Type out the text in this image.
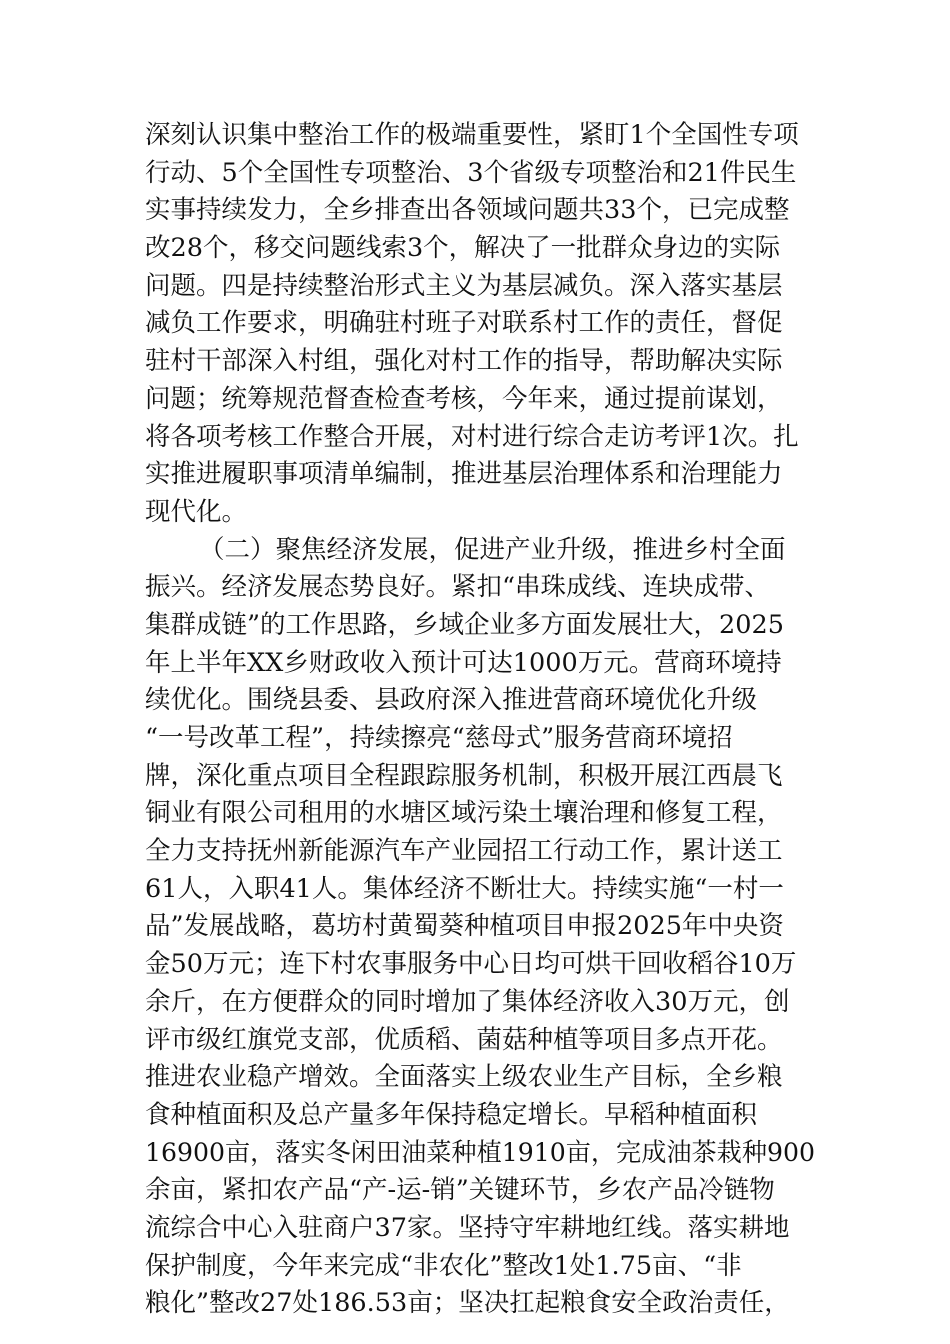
深刻认识集中整治工作的极端重要性，紧盯1个全国性专项
行动、5个全国性专项整治、3个省级专项整治和21件民生
实事持续发力，全乡排查出各领域问题共33个，已完成整
改28个，移交问题线索3个，解决了一批群众身边的实际
问题。四是持续整治形式主义为基层减负。深入落实基层
减负工作要求，明确驻村班子对联系村工作的责任，督促
驻村干部深入村组，强化对村工作的指导，帮助解决实际
问题；统筹规范督查检查考核，今年来，通过提前谋划，
将各项考核工作整合开展，对村进行综合走访考评1次。扎
实推进履职事项清单编制，推进基层治理体系和治理能力
现代化。
（二）聚焦经济发展，促进产业升级，推进乡村全面
振兴。经济发展态势良好。紧扣“串珠成线、连块成带、
集群成链”的工作思路，乡域企业多方面发展壮大，2025
年上半年XX乡财政收入预计可达1000万元。营商环境持
续优化。围绕县委、县政府深入推进营商环境优化升级
“一号改革工程”，持续擦亮“慈母式”服务营商环境招
牌，深化重点项目全程跟踪服务机制，积极开展江西晨飞
铜业有限公司租用的水塘区域污染土壤治理和修复工程，
全力支持抚州新能源汽车产业园招工行动工作，累计送工
61人，入职41人。集体经济不断壮大。持续实施“一村一
品”发展战略，葛坊村黄蜀葵种植项目申报2025年中央资
金50万元；连下村农事服务中心日均可烘干回收稻谷10万
余斤，在方便群众的同时增加了集体经济收入30万元，创
评市级红旗党支部，优质稻、菌菇种植等项目多点开花。
推进农业稳产增效。全面落实上级农业生产目标，全乡粮
食种植面积及总产量多年保持稳定增长。早稻种植面积
16900亩，落实冬闲田油菜种植1910亩，完成油茶栽种900
余亩，紧扣农产品“产-运-销”关键环节，乡农产品冷链物
流综合中心入驻商户37家。坚持守牢耕地红线。落实耕地
保护制度，今年来完成“非农化”整改1处1.75亩、“非
粮化”整改27处186.53亩；坚决扛起粮食安全政治责任，
